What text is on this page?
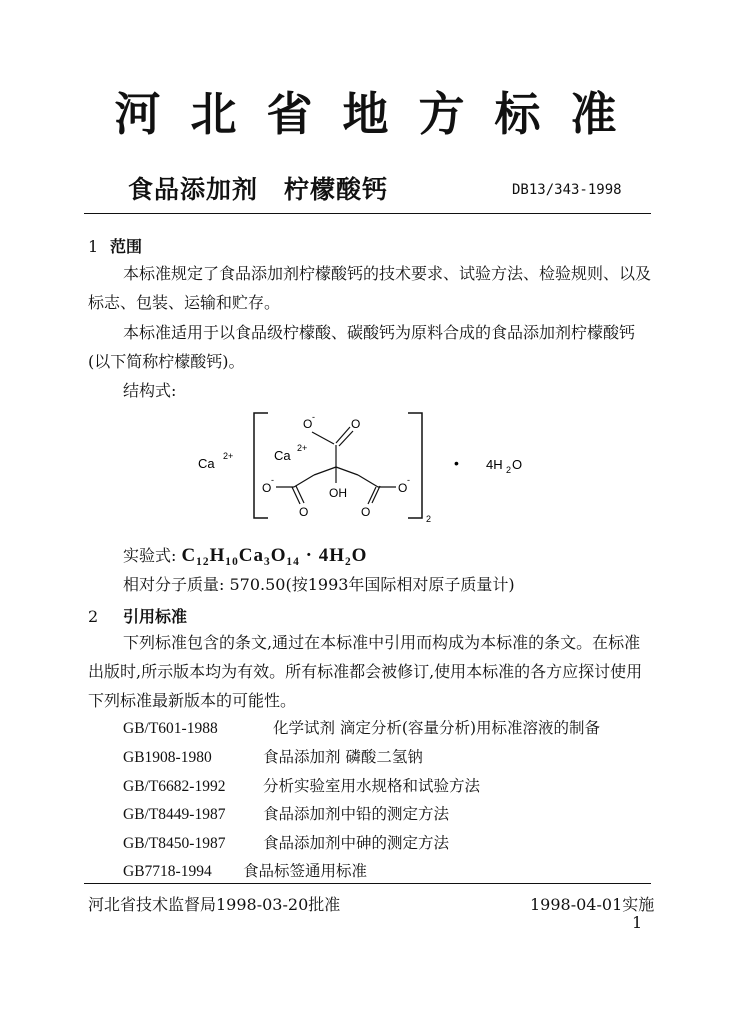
河北省地方标准
食品添加剂 柠檬酸钙	DB13/343-1998
1 范围
本标准规定了食品添加剂柠檬酸钙的技术要求、试验方法、检验规则、以及标志、包装、运输和贮存。
本标准适用于以食品级柠檬酸、碳酸钙为原料合成的食品添加剂柠檬酸钙(以下简称柠檬酸钙)。
结构式:
Ca 2+
2
Ca 2+
O -	O
OH
O
-
O
O
-
O
• 4H 2 O
实验式: C₁₂H₁₀Ca₃O₁₄ · 4H₂O
相对分子质量: 570.50(按1993年国际相对原子质量计)
2 引用标准
下列标准包含的条文,通过在本标准中引用而构成为本标准的条文。在标准出版时,所示版本均为有效。所有标准都会被修订,使用本标准的各方应探讨使用下列标准最新版本的可能性。
GB/T601-1988	化学试剂 滴定分析(容量分析)用标准溶液的制备
GB1908-1980	食品添加剂 磷酸二氢钠
GB/T6682-1992 分析实验室用水规格和试验方法
GB/T8449-1987 食品添加剂中铅的测定方法
GB/T8450-1987 食品添加剂中砷的测定方法
GB7718-1994 食品标签通用标准
河北省技术监督局1998-03-20批准	1998-04-01实施
1
